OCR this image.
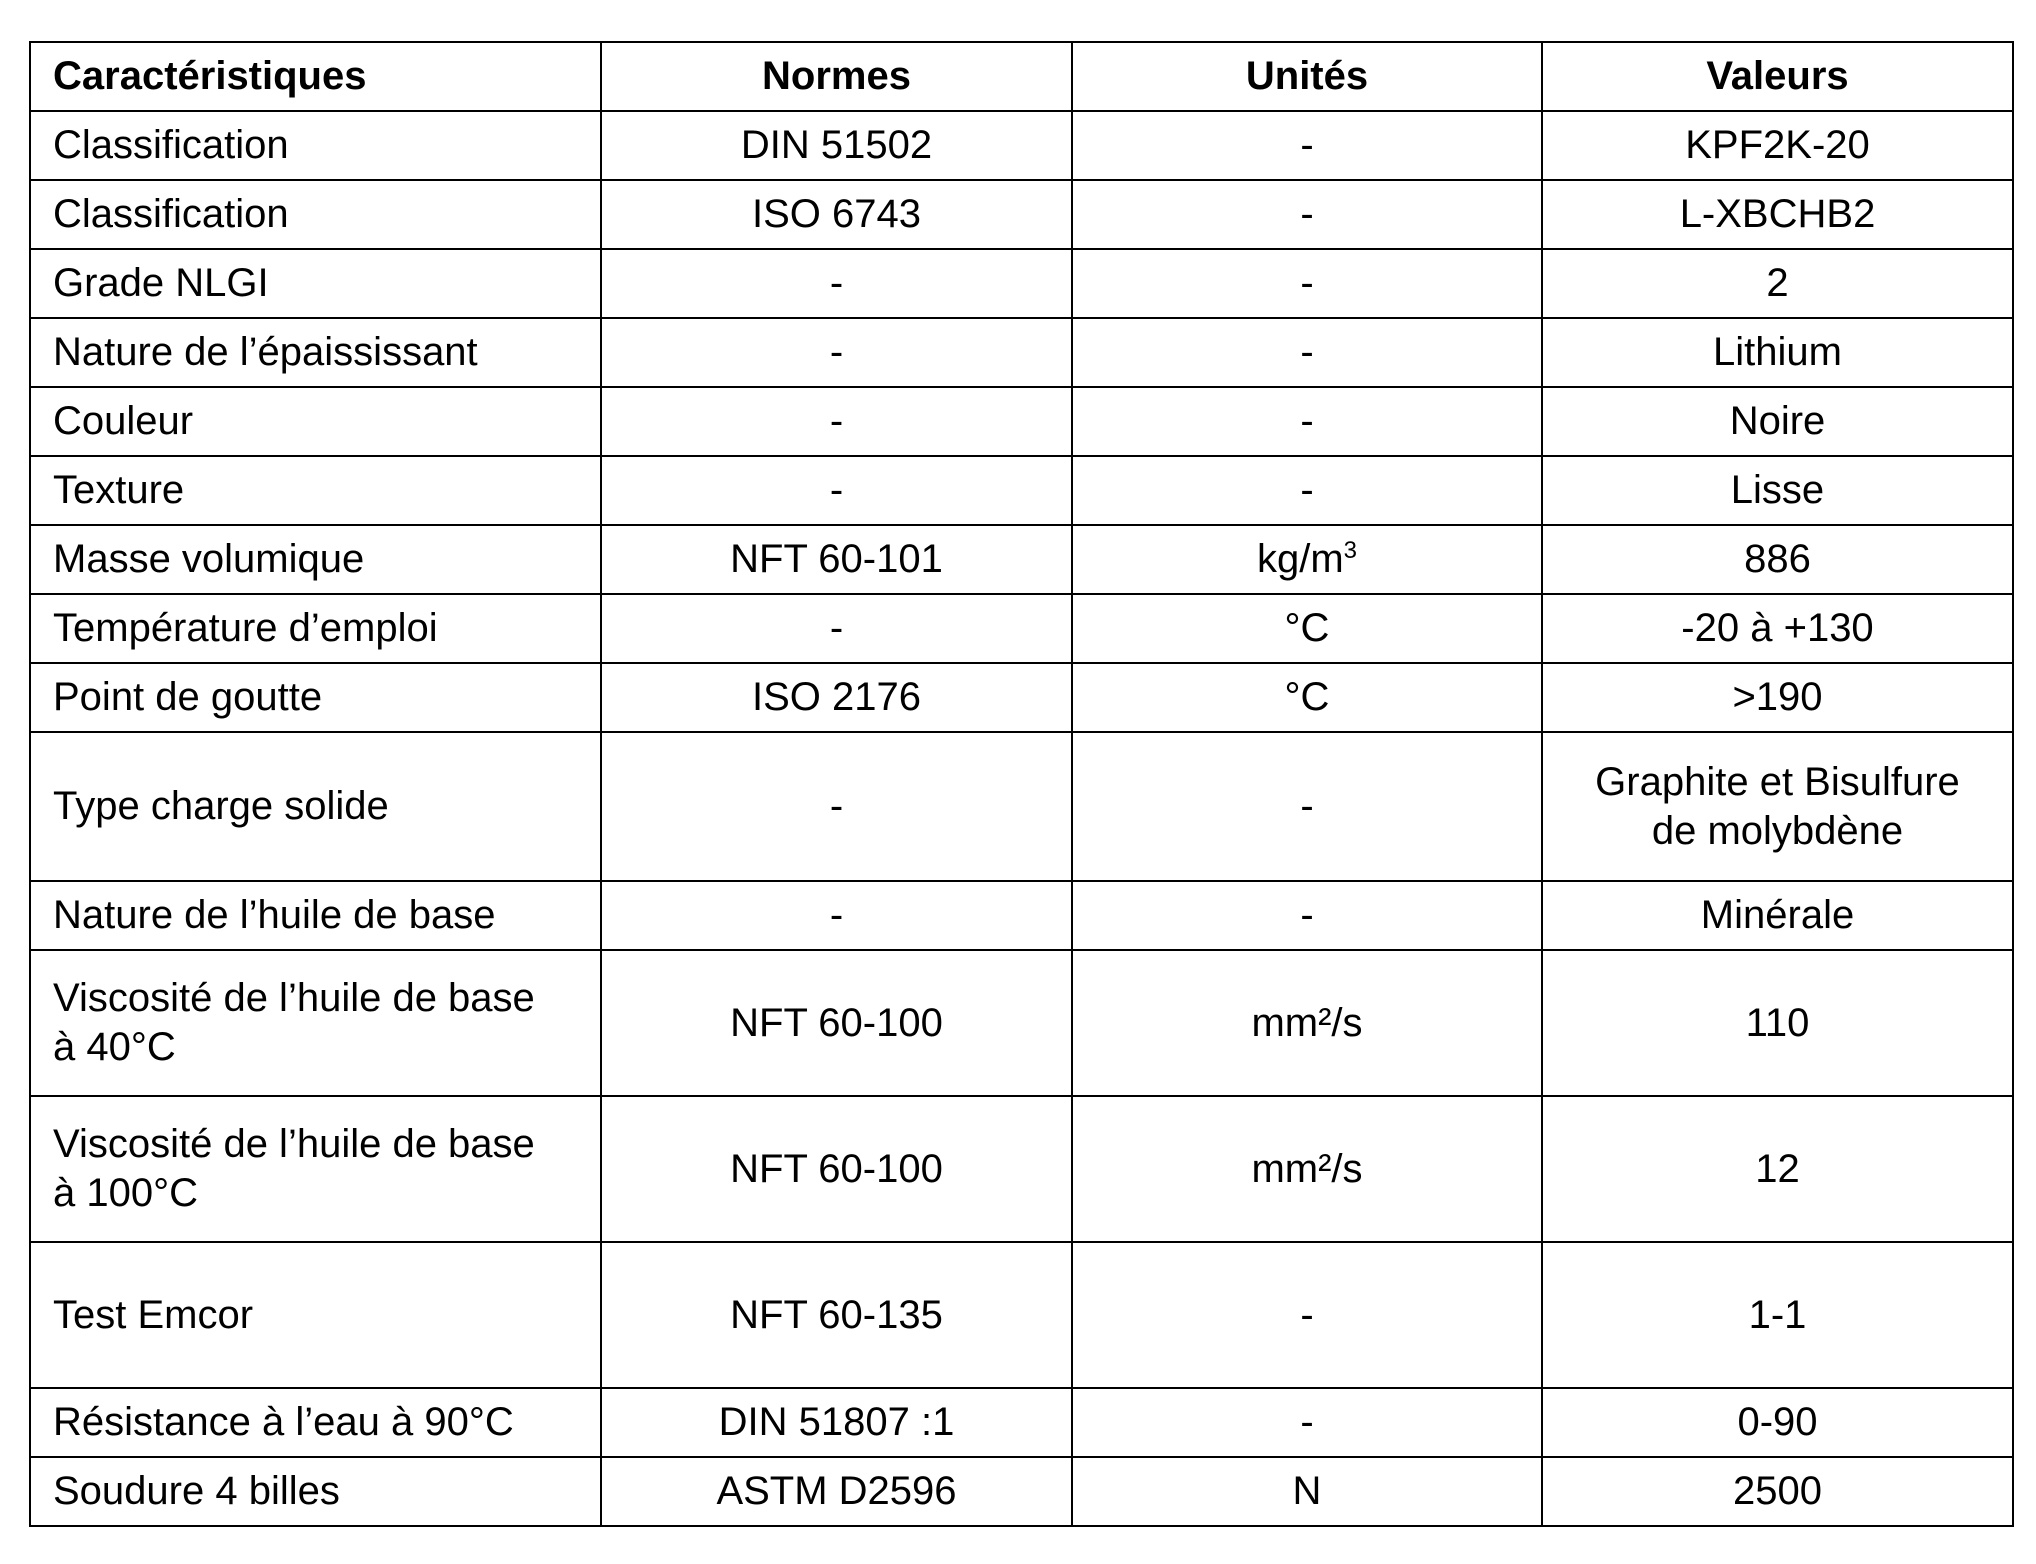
Caractéristiques	Normes	Unités	Valeurs
Classification	DIN 51502	-	KPF2K-20
Classification	ISO 6743	-	L-XBCHB2
Grade NLGI	-	-	2
Nature de l’épaississant	-	-	Lithium
Couleur	-	-	Noire
Texture	-	-	Lisse
Masse volumique	NFT 60-101	$kg/m^3$	886
Température d’emploi	-	°C	-20 à +130
Point de goutte	ISO 2176	°C	>190
Type charge solide	-	-	Graphite et Bisulfure
de molybdène

Nature de l’huile de base	-	-	Minérale

Viscosité de l’huile de base
à 40°C	NFT 60-100	mm²/s	110

Viscosité de l’huile de base
à 100°C	NFT 60-100	mm²/s	12
Test Emcor	NFT 60-135	-	1-1
Résistance à l’eau à 90°C	DIN 51807 :1	-	0-90
Soudure 4 billes	ASTM D2596	N	2500
